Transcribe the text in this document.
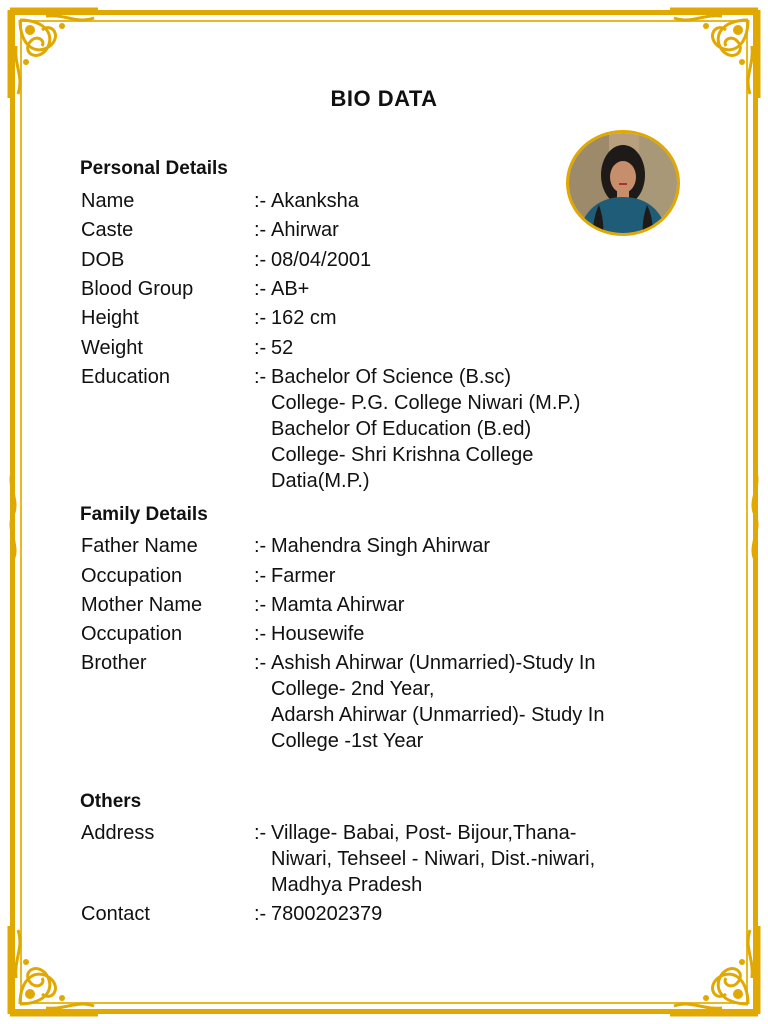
BIO DATA
Personal Details
Name	:- Akanksha
Caste	:- Ahirwar
DOB	:- 08/04/2001
Blood Group	:- AB+
Height	:- 162 cm
Weight	:- 52
Education	:- Bachelor Of Science (B.sc)
College- P.G. College Niwari (M.P.)
Bachelor Of Education (B.ed)
College- Shri Krishna College
Datia(M.P.)
Family Details
Father Name	:- Mahendra Singh Ahirwar
Occupation	:- Farmer
Mother Name	:- Mamta Ahirwar
Occupation	:- Housewife
Brother	:- Ashish Ahirwar (Unmarried)-Study In
College- 2nd Year,
Adarsh Ahirwar (Unmarried)- Study In
College -1st Year
Others
Address	:- Village- Babai, Post- Bijour,Thana-
Niwari, Tehseel - Niwari, Dist.-niwari,
Madhya Pradesh
Contact	:- 7800202379
